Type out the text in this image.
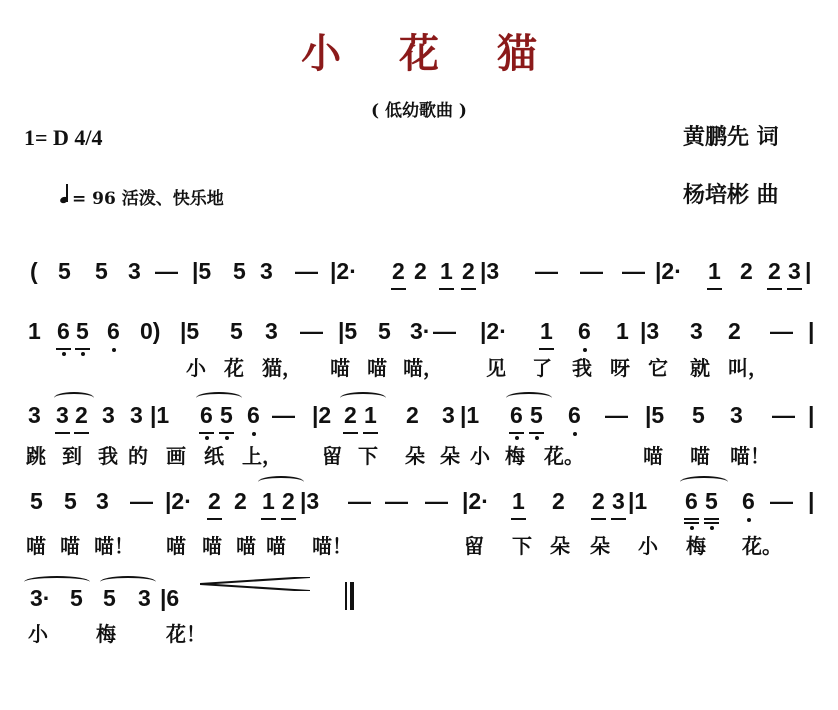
小 花 猫
( 低幼歌曲 )
1= D 4/4
= 96 活泼、快乐地
黄鹏先 词
杨培彬 曲
( 5 5 3 — |5 5 3 — |2· 2 2 1 2 |3 — — — |2· 1 2 2 3 |
1 6 5 6 0) |5 5 3 — |5 5 3· — |2· 1 6 1 |3 3 2 — |
小 花 猫， 喵 喵 喵， 见 了 我 呀 它 就 叫，
3 3 2 3 3 |1 6 5 6 — |2 2 1 2 3 |1 6 5 6 — |5 5 3 — |
跳 到 我 的 画 纸 上， 留 下 朵 朵 小 梅 花。	喵 喵 喵！
5 5 3 — |2· 2 2 1 2 |3 — — — |2· 1 2 2 3 |1 6 5 6 — |
喵 喵 喵！ 喵 喵 喵 喵 喵！	留 下 朵 朵 小 梅 花。
3· 5 5 3 |6
小 梅	花！
